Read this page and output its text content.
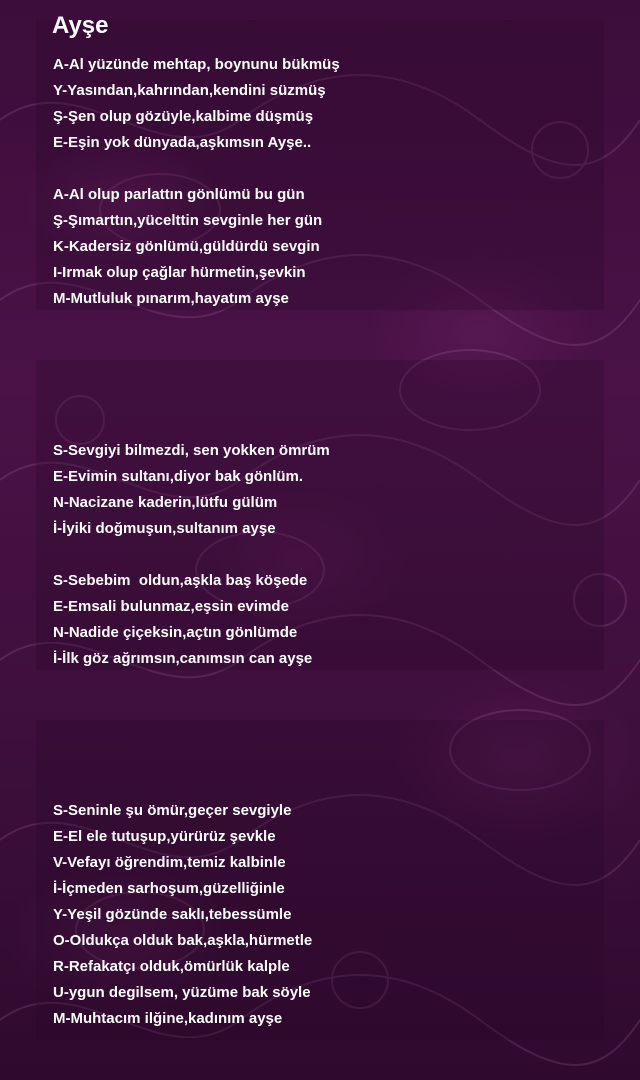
Ayşe
A-Al yüzünde mehtap, boynunu bükmüş
Y-Yasından,kahrından,kendini süzmüş
Ş-Şen olup gözüyle,kalbime düşmüş
E-Eşin yok dünyada,aşkımsın Ayşe..
A-Al olup parlattın gönlümü bu gün
Ş-Şımarttın,yücelttin sevginle her gün
K-Kadersiz gönlümü,güldürdü sevgin
I-Irmak olup çağlar hürmetin,şevkin
M-Mutluluk pınarım,hayatım ayşe
S-Sevgiyi bilmezdi, sen yokken ömrüm
E-Evimin sultanı,diyor bak gönlüm.
N-Nacizane kaderin,lütfu gülüm
İ-İyiki doğmuşun,sultanım ayşe
S-Sebebim  oldun,aşkla baş köşede
E-Emsali bulunmaz,eşsin evimde
N-Nadide çiçeksin,açtın gönlümde
İ-İlk göz ağrımsın,canımsın can ayşe
S-Seninle şu ömür,geçer sevgiyle
E-El ele tutuşup,yürürüz şevkle
V-Vefayı öğrendim,temiz kalbinle
İ-İçmeden sarhoşum,güzelliğinle
Y-Yeşil gözünde saklı,tebessümle
O-Oldukça olduk bak,aşkla,hürmetle
R-Refakatçı olduk,ömürlük kalple
U-ygun degilsem, yüzüme bak söyle
M-Muhtacım ilğine,kadınım ayşe
